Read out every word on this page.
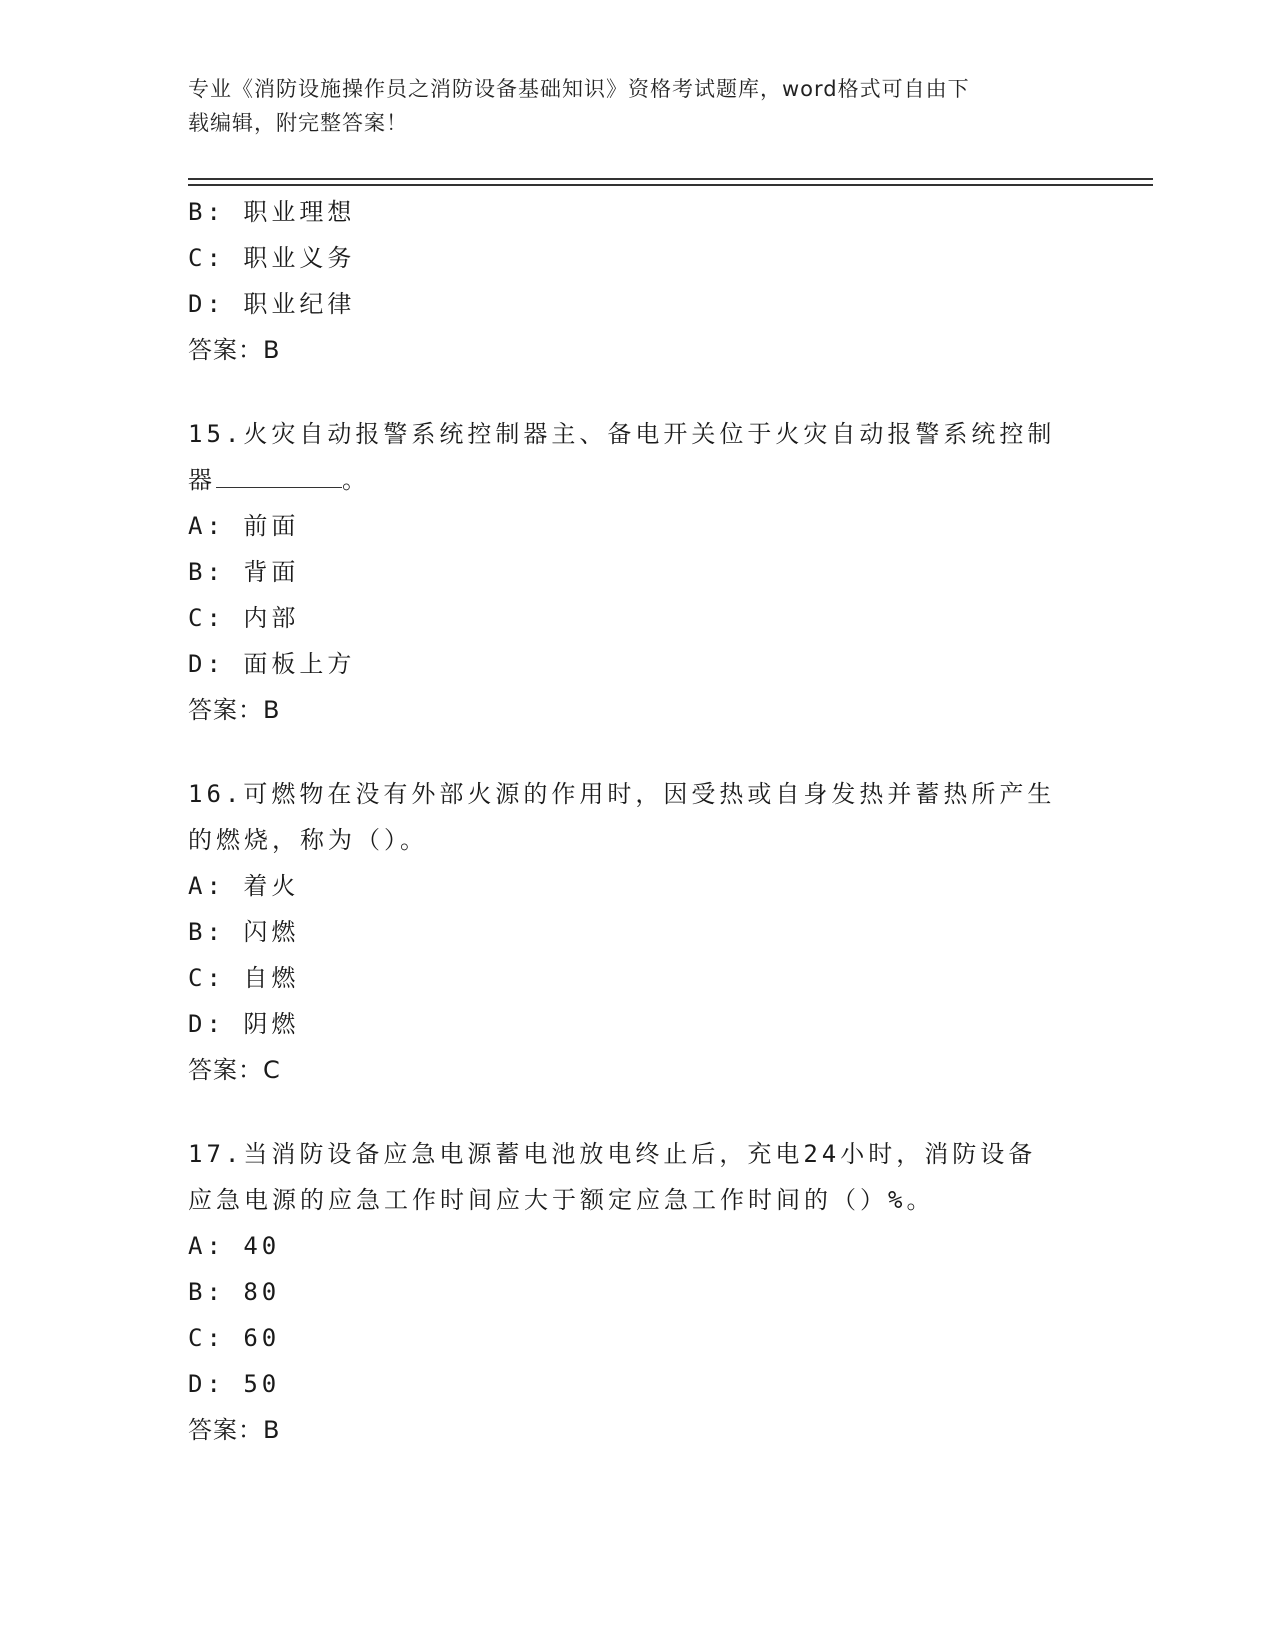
专业《消防设施操作员之消防设备基础知识》资格考试题库，word格式可自由下
载编辑，附完整答案！
B: 职业理想
C: 职业义务
D: 职业纪律
答案：B
15.火灾自动报警系统控制器主、备电开关位于火灾自动报警系统控制
器	。
A: 前面
B: 背面
C: 内部
D: 面板上方
答案：B
16.可燃物在没有外部火源的作用时，因受热或自身发热并蓄热所产生
的燃烧，称为（）。
A: 着火
B: 闪燃
C: 自燃
D: 阴燃
答案：C
17.当消防设备应急电源蓄电池放电终止后，充电24小时，消防设备
应急电源的应急工作时间应大于额定应急工作时间的（）%。
A: 40
B: 80
C: 60
D: 50
答案：B
